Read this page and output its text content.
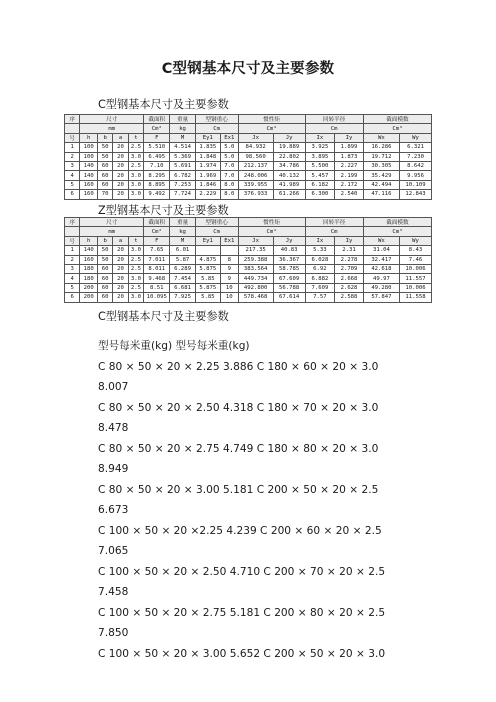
C型钢基本尺寸及主要参数
C型钢基本尺寸及主要参数
序	尺寸				截面积	重量	型钢重心		惯性矩		回转半径		截面模数	
	mm				Cm²	kg	Cm		Cm⁴		Cm		Cm³	
号	h	b	a	t	F	M	Ey1	Ex1	Jx	Jy	Ix	Iy	Wx	Wy
1	100	50	20	2.5	5.510	4.514	1.835	5.0	84.932	19.889	3.925	1.899	16.286	6.321
2	100	50	20	3.0	6.495	5.369	1.848	5.0	98.560	22.802	3.895	1.873	19.712	7.230
3	140	60	20	2.5	7.10	5.691	1.974	7.0	212.137	34.786	5.500	2.227	30.305	8.642
4	140	60	20	3.0	8.295	6.782	1.969	7.0	248.006	40.132	5.457	2.199	35.429	9.956
5	160	60	20	3.0	8.895	7.253	1.846	8.0	339.955	41.989	6.182	2.172	42.494	10.109
6	160	70	20	3.0	9.492	7.724	2.229	8.0	376.933	61.266	6.300	2.540	47.116	12.843
Z型钢基本尺寸及主要参数
序	尺寸				截面积	重量	型钢重心		惯性矩		回转半径		截面模数	
	mm				Cm²	kg	Cm		Cm⁴		Cm		Cm³	
号	h	b	a	t	F	M	Ey1	Ex1	Jx	Jy	Ix	Iy	Wx	Wy
1	140	50	20	3.0	7.65	6.01			217.35	40.83	5.33	2.31	31.04	8.43
2	160	50	20	2.5	7.011	5.87	4.875	8	259.388	36.367	6.028	2.278	32.417	7.46
3	180	60	20	2.5	8.011	6.289	5.875	9	383.564	58.785	6.92	2.709	42.618	10.006
4	180	60	20	3.0	9.468	7.454	5.85	9	449.734	67.609	6.882	2.668	49.97	11.557
5	200	60	20	2.5	8.51	6.681	5.875	10	492.800	56.788	7.609	2.628	49.280	10.006
6	200	60	20	3.0	10.095	7.925	5.85	10	578.468	67.614	7.57	2.588	57.847	11.558
C型钢基本尺寸及主要参数
型号每米重(kg) 型号每米重(kg)
C 80 × 50 × 20 × 2.25 3.886 C 180 × 60 × 20 × 3.0
8.007
C 80 × 50 × 20 × 2.50 4.318 C 180 × 70 × 20 × 3.0
8.478
C 80 × 50 × 20 × 2.75 4.749 C 180 × 80 × 20 × 3.0
8.949
C 80 × 50 × 20 × 3.00 5.181 C 200 × 50 × 20 × 2.5
6.673
C 100 × 50 × 20 ×2.25 4.239 C 200 × 60 × 20 × 2.5
7.065
C 100 × 50 × 20 × 2.50 4.710 C 200 × 70 × 20 × 2.5
7.458
C 100 × 50 × 20 × 2.75 5.181 C 200 × 80 × 20 × 2.5
7.850
C 100 × 50 × 20 × 3.00 5.652 C 200 × 50 × 20 × 3.0
